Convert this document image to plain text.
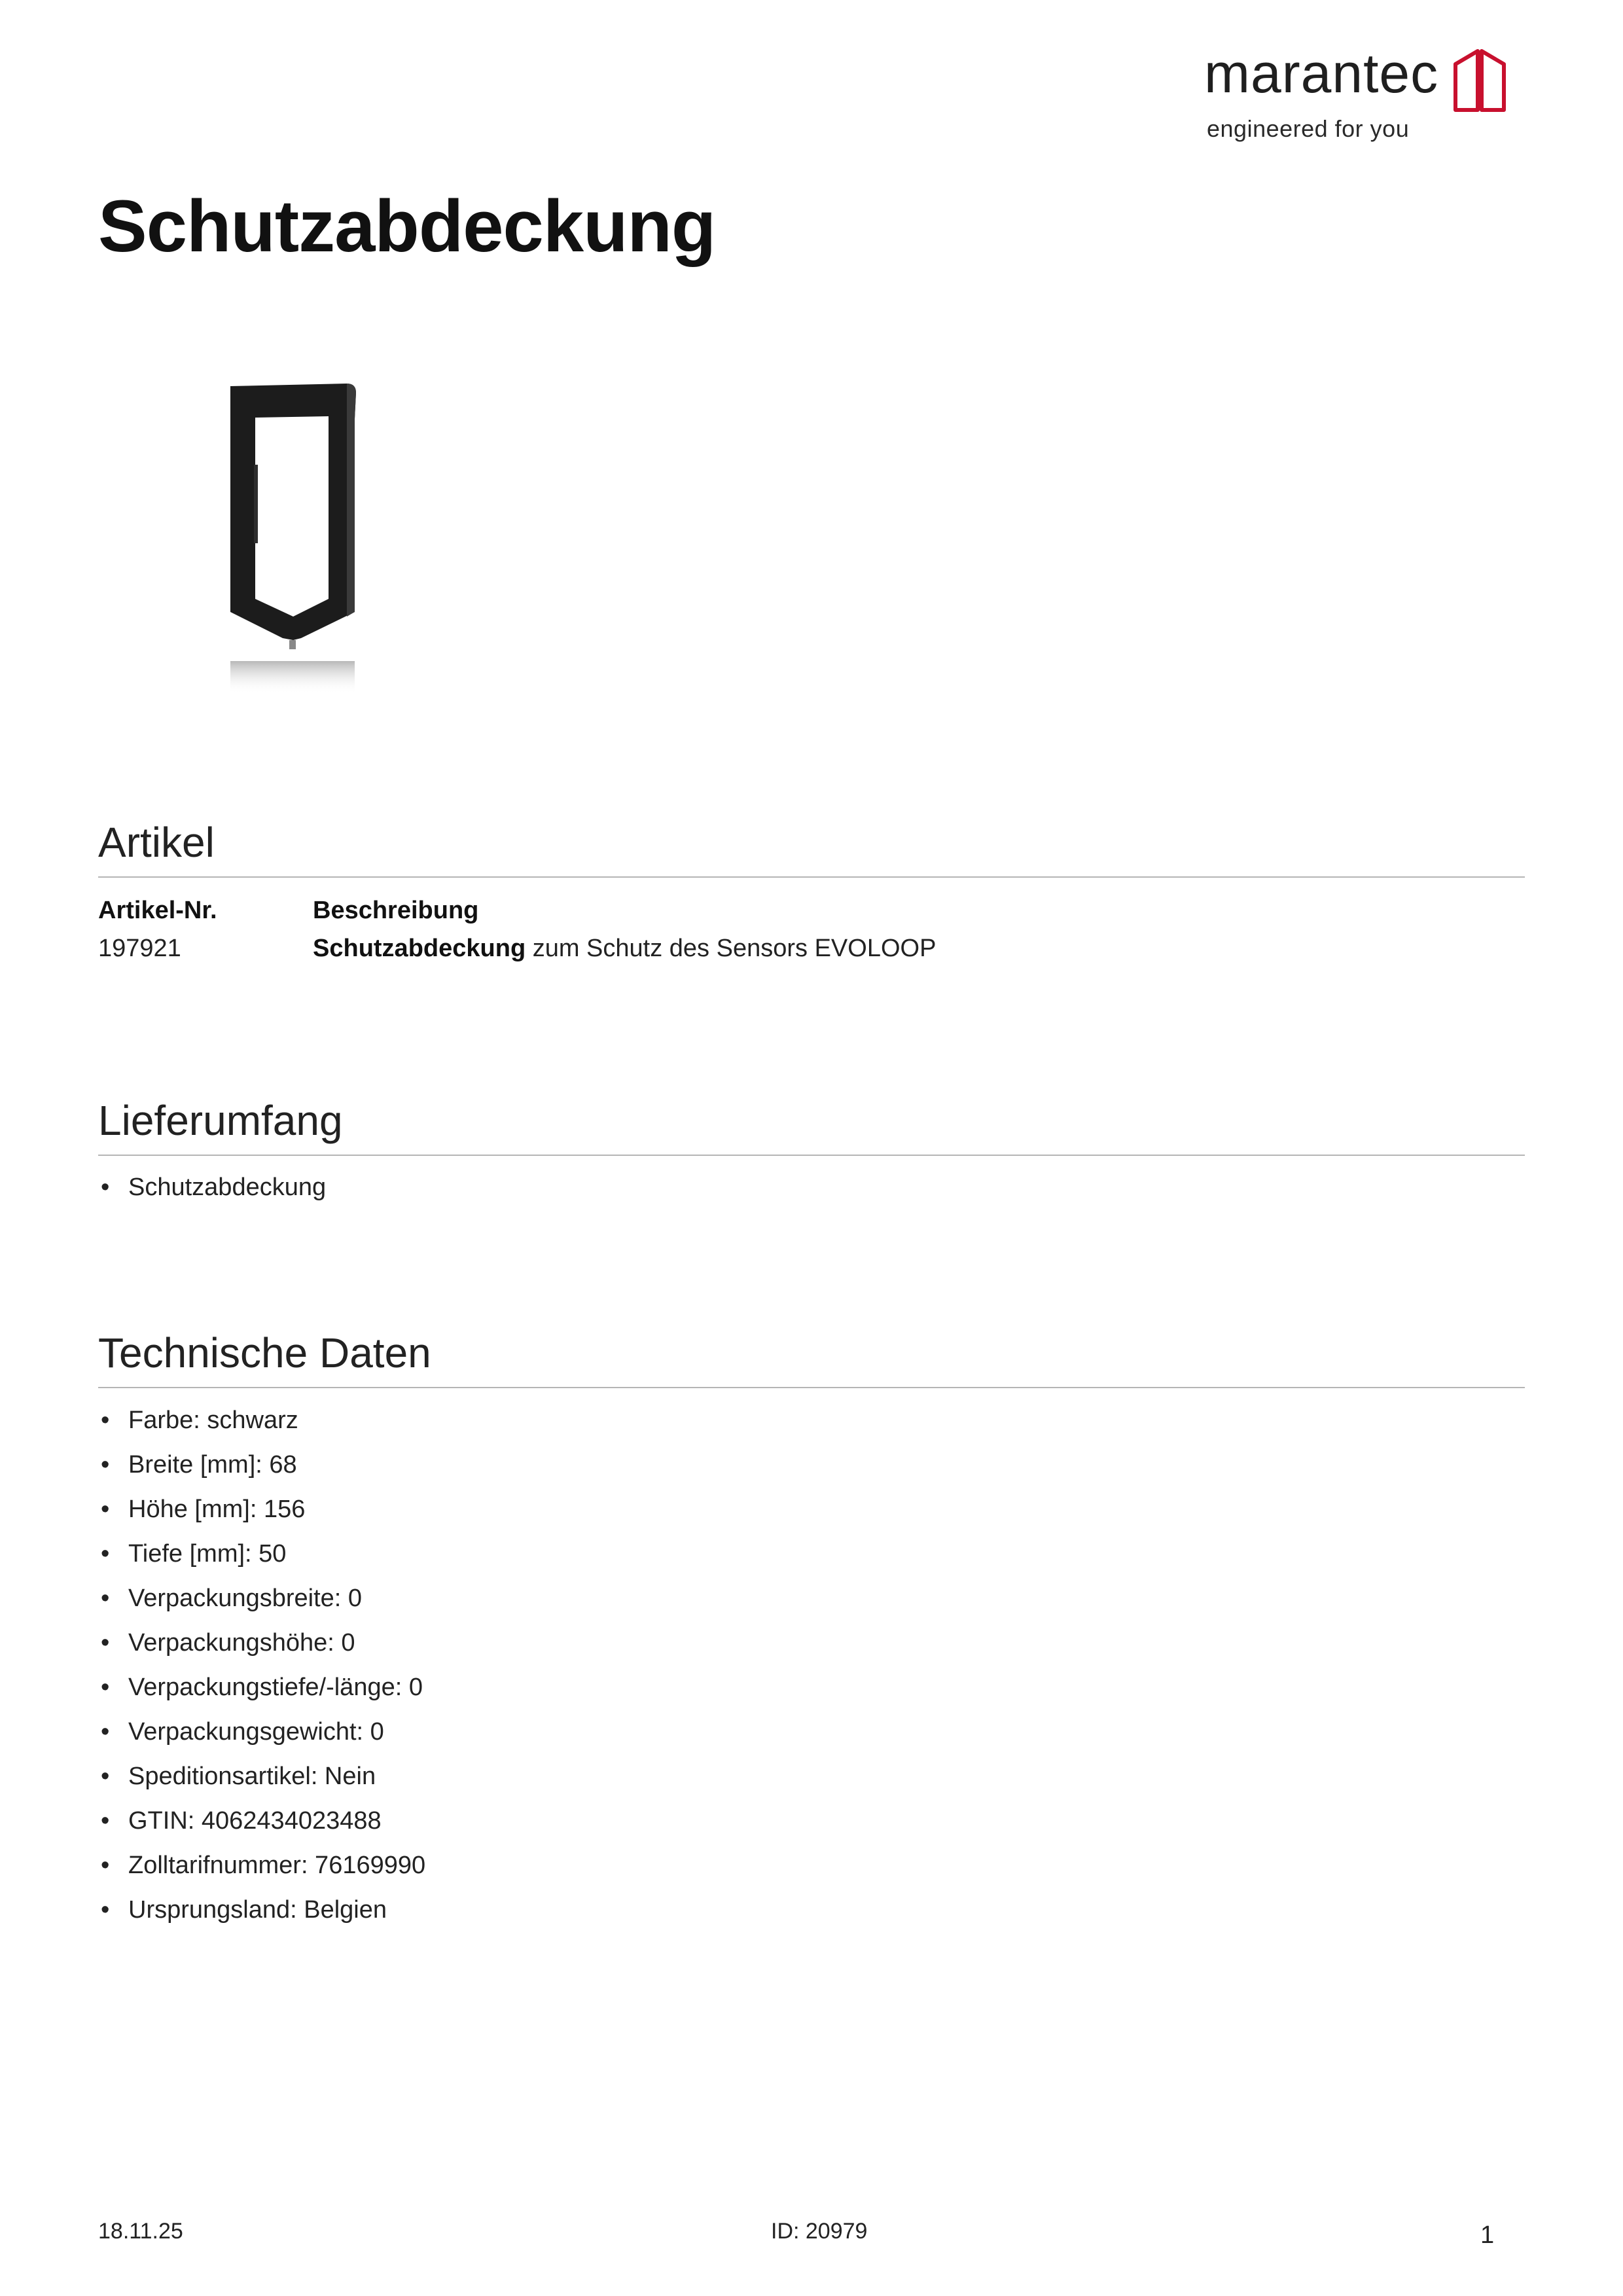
marantec
engineered for you
Schutzabdeckung
Artikel
Artikel-Nr.	Beschreibung
197921	Schutzabdeckung zum Schutz des Sensors EVOLOOP
Lieferumfang
• Schutzabdeckung
Technische Daten
• Farbe: schwarz
• Breite [mm]: 68
• Höhe [mm]: 156
• Tiefe [mm]: 50
• Verpackungsbreite: 0
• Verpackungshöhe: 0
• Verpackungstiefe/-länge: 0
• Verpackungsgewicht: 0
• Speditionsartikel: Nein
• GTIN: 4062434023488
• Zolltarifnummer: 76169990
• Ursprungsland: Belgien
18.11.25	ID: 20979	1
